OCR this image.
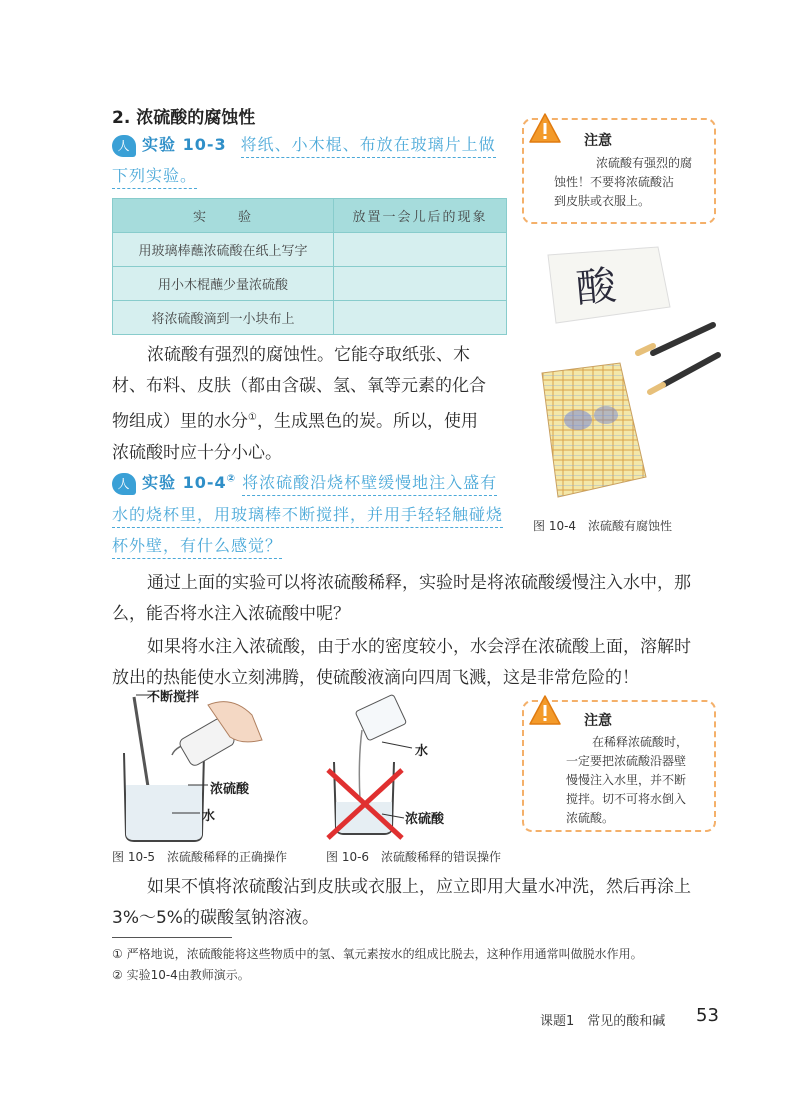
2. 浓硫酸的腐蚀性
人 实验 10-3 将纸、小木棍、布放在玻璃片上做
下列实验。
实　　验	放置一会儿后的现象
用玻璃棒蘸浓硫酸在纸上写字	
用小木棍蘸少量浓硫酸	
将浓硫酸滴到一小块布上	
浓硫酸有强烈的腐蚀性。它能夺取纸张、木
材、布料、皮肤（都由含碳、氢、氧等元素的化合
物组成）里的水分①，生成黑色的炭。所以，使用
浓硫酸时应十分小心。
人 实验 10-4② 将浓硫酸沿烧杯壁缓慢地注入盛有
水的烧杯里，用玻璃棒不断搅拌，并用手轻轻触碰烧
杯外壁，有什么感觉？
注意
浓硫酸有强烈的腐
蚀性！不要将浓硫酸沾
到皮肤或衣服上。
酸
图 10-4　浓硫酸有腐蚀性
通过上面的实验可以将浓硫酸稀释，实验时是将浓硫酸缓慢注入水中，那
么，能否将水注入浓硫酸中呢？
如果将水注入浓硫酸，由于水的密度较小，水会浮在浓硫酸上面，溶解时
放出的热能使水立刻沸腾，使硫酸液滴向四周飞溅，这是非常危险的！
不断搅拌
浓硫酸
水
图 10-5　浓硫酸稀释的正确操作
水
浓硫酸
图 10-6　浓硫酸稀释的错误操作
注意
在稀释浓硫酸时，
一定要把浓硫酸沿器壁
慢慢注入水里，并不断
搅拌。切不可将水倒入
浓硫酸。
如果不慎将浓硫酸沾到皮肤或衣服上，应立即用大量水冲洗，然后再涂上
3%～5%的碳酸氢钠溶液。
① 严格地说，浓硫酸能将这些物质中的氢、氧元素按水的组成比脱去，这种作用通常叫做脱水作用。
② 实验10-4由教师演示。
课题1　常见的酸和碱 53
